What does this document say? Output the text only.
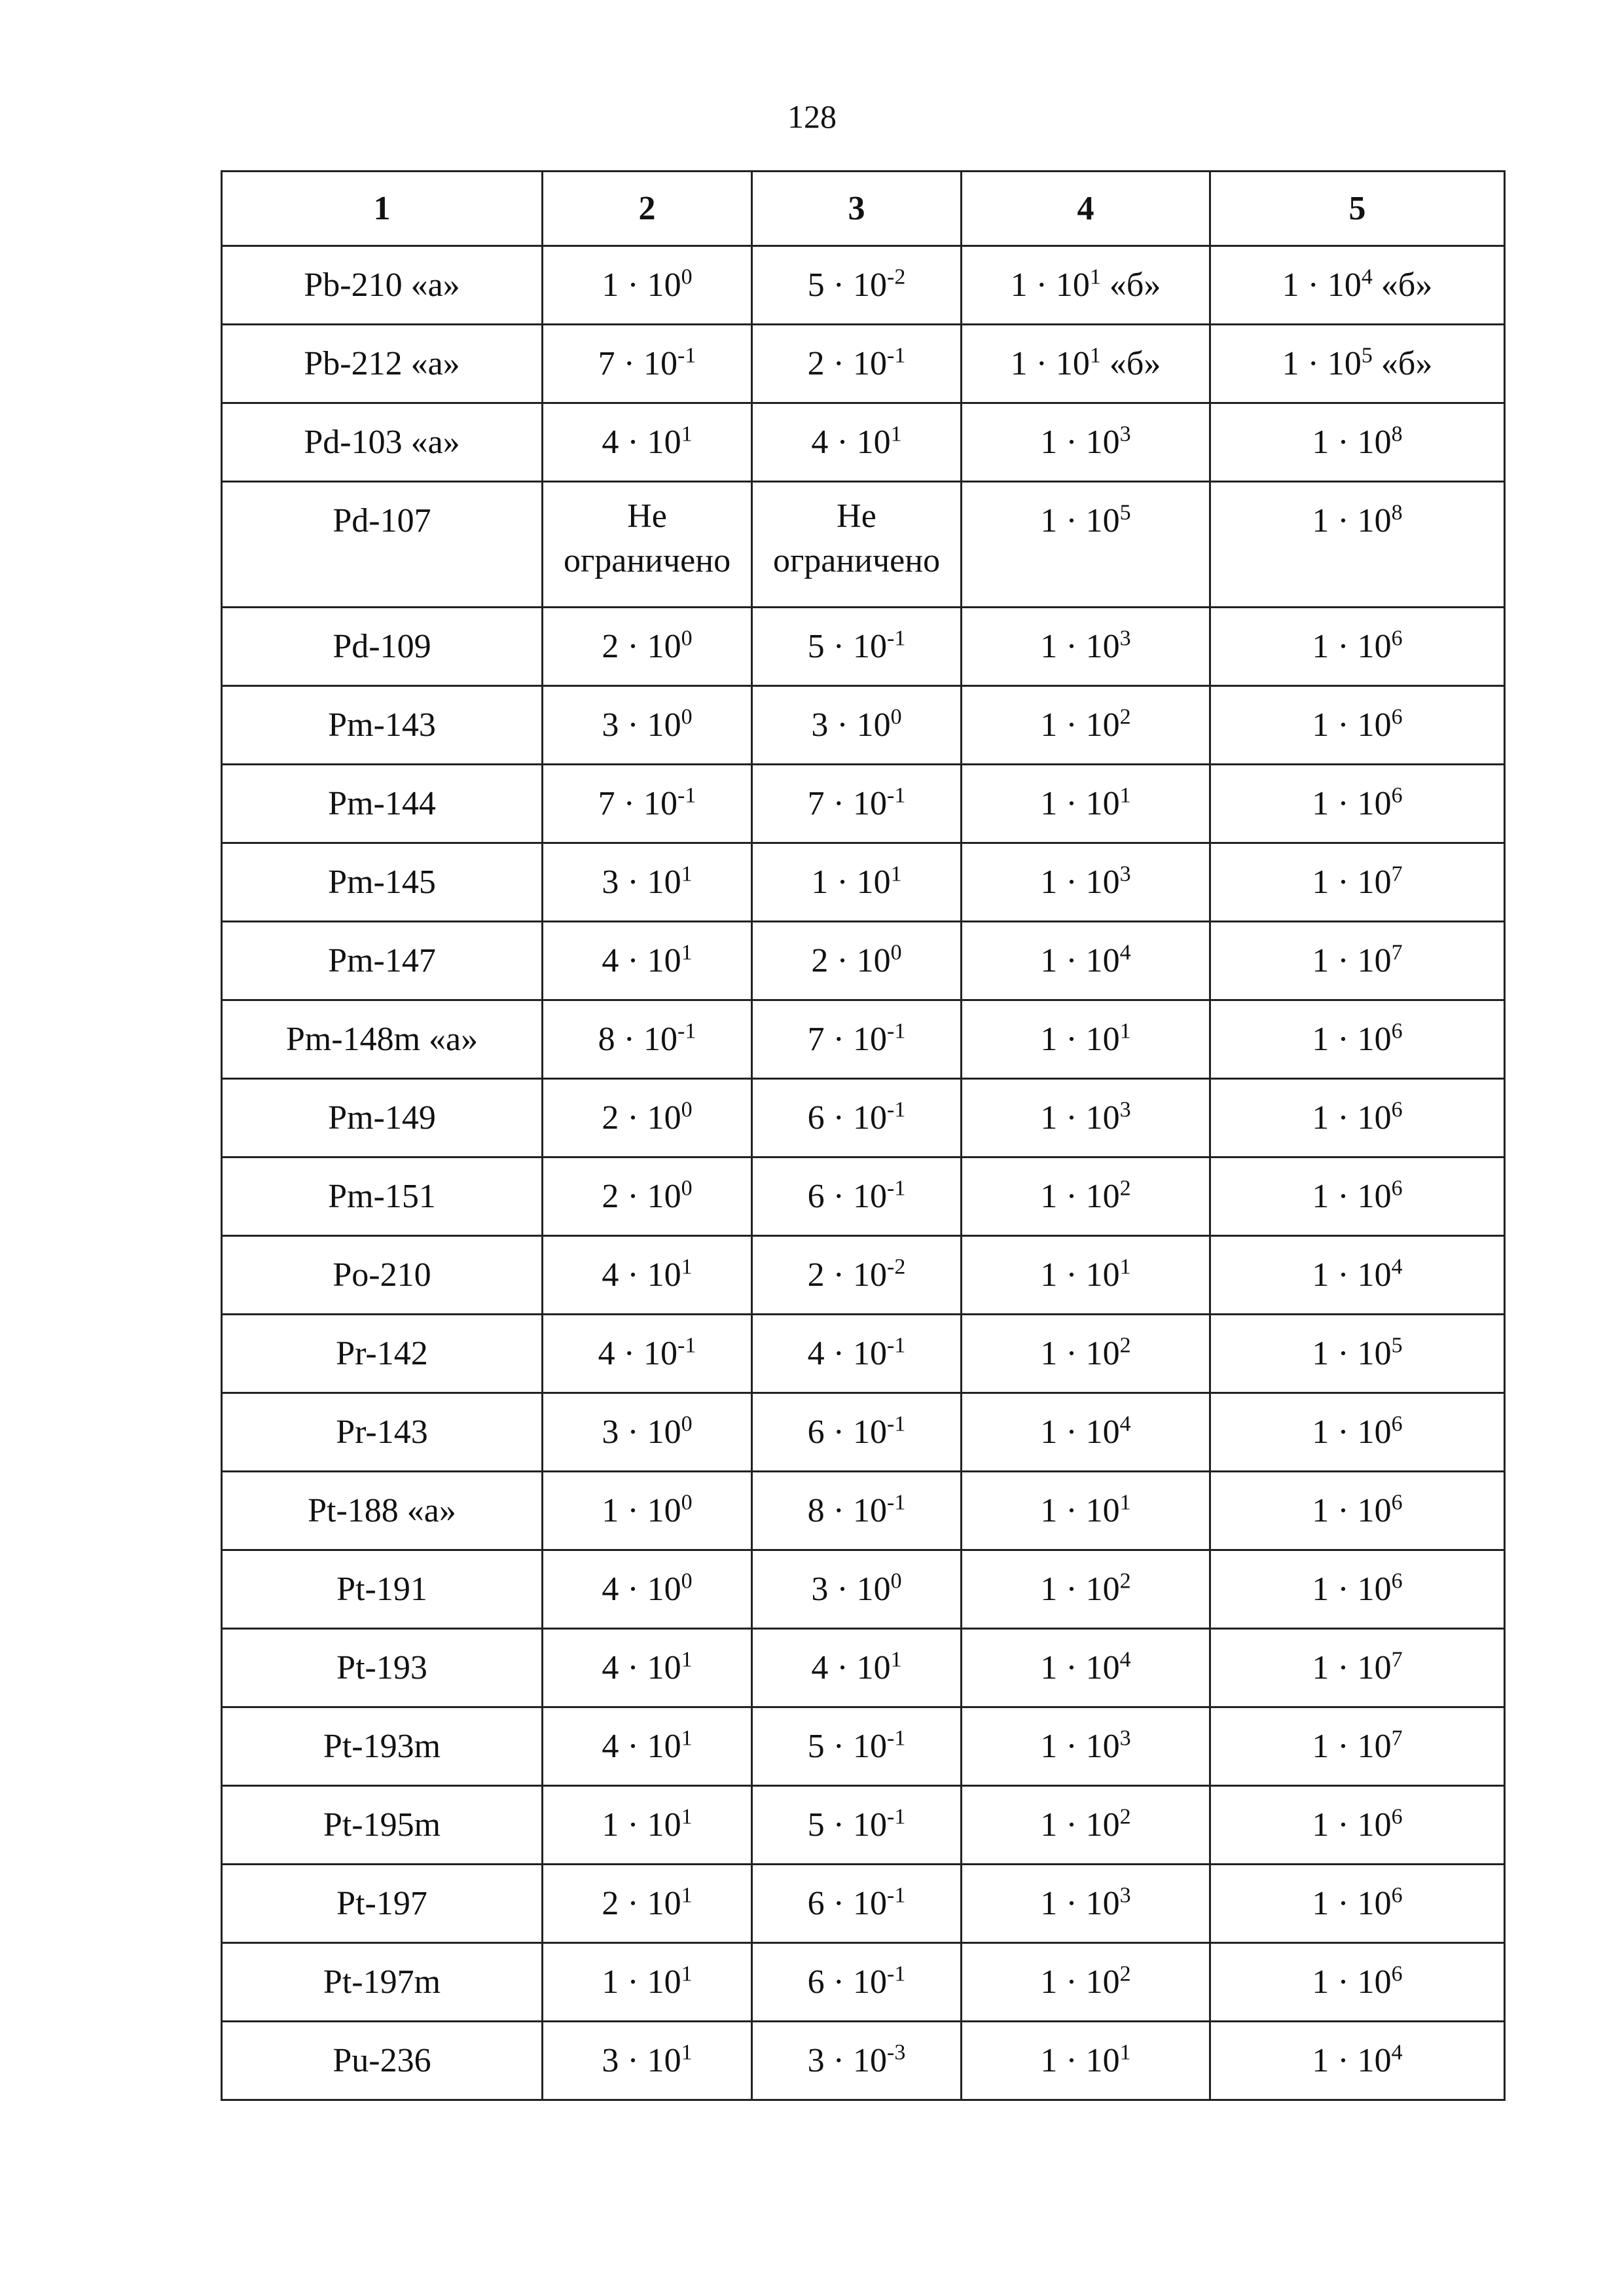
128
1	2	3	4	5
Pb-210 «а»	$1 \cdot 10^0$	$5 \cdot 10^{-2}$	$1 \cdot 10^1$ «б»	$1 \cdot 10^4$ «б»
Pb-212 «а»	$7 \cdot 10^{-1}$	$2 \cdot 10^{-1}$	$1 \cdot 10^1$ «б»	$1 \cdot 10^5$ «б»
Pd-103 «а»	$4 \cdot 10^1$	$4 \cdot 10^1$	$1 \cdot 10^3$	$1 \cdot 10^8$
Pd-107	Не ограничено	Не ограничено	$1 \cdot 10^5$	$1 \cdot 10^8$
Pd-109	$2 \cdot 10^0$	$5 \cdot 10^{-1}$	$1 \cdot 10^3$	$1 \cdot 10^6$
Pm-143	$3 \cdot 10^0$	$3 \cdot 10^0$	$1 \cdot 10^2$	$1 \cdot 10^6$
Pm-144	$7 \cdot 10^{-1}$	$7 \cdot 10^{-1}$	$1 \cdot 10^1$	$1 \cdot 10^6$
Pm-145	$3 \cdot 10^1$	$1 \cdot 10^1$	$1 \cdot 10^3$	$1 \cdot 10^7$
Pm-147	$4 \cdot 10^1$	$2 \cdot 10^0$	$1 \cdot 10^4$	$1 \cdot 10^7$
Pm-148m «а»	$8 \cdot 10^{-1}$	$7 \cdot 10^{-1}$	$1 \cdot 10^1$	$1 \cdot 10^6$
Pm-149	$2 \cdot 10^0$	$6 \cdot 10^{-1}$	$1 \cdot 10^3$	$1 \cdot 10^6$
Pm-151	$2 \cdot 10^0$	$6 \cdot 10^{-1}$	$1 \cdot 10^2$	$1 \cdot 10^6$
Po-210	$4 \cdot 10^1$	$2 \cdot 10^{-2}$	$1 \cdot 10^1$	$1 \cdot 10^4$
Pr-142	$4 \cdot 10^{-1}$	$4 \cdot 10^{-1}$	$1 \cdot 10^2$	$1 \cdot 10^5$
Pr-143	$3 \cdot 10^0$	$6 \cdot 10^{-1}$	$1 \cdot 10^4$	$1 \cdot 10^6$
Pt-188 «а»	$1 \cdot 10^0$	$8 \cdot 10^{-1}$	$1 \cdot 10^1$	$1 \cdot 10^6$
Pt-191	$4 \cdot 10^0$	$3 \cdot 10^0$	$1 \cdot 10^2$	$1 \cdot 10^6$
Pt-193	$4 \cdot 10^1$	$4 \cdot 10^1$	$1 \cdot 10^4$	$1 \cdot 10^7$
Pt-193m	$4 \cdot 10^1$	$5 \cdot 10^{-1}$	$1 \cdot 10^3$	$1 \cdot 10^7$
Pt-195m	$1 \cdot 10^1$	$5 \cdot 10^{-1}$	$1 \cdot 10^2$	$1 \cdot 10^6$
Pt-197	$2 \cdot 10^1$	$6 \cdot 10^{-1}$	$1 \cdot 10^3$	$1 \cdot 10^6$
Pt-197m	$1 \cdot 10^1$	$6 \cdot 10^{-1}$	$1 \cdot 10^2$	$1 \cdot 10^6$
Pu-236	$3 \cdot 10^1$	$3 \cdot 10^{-3}$	$1 \cdot 10^1$	$1 \cdot 10^4$
